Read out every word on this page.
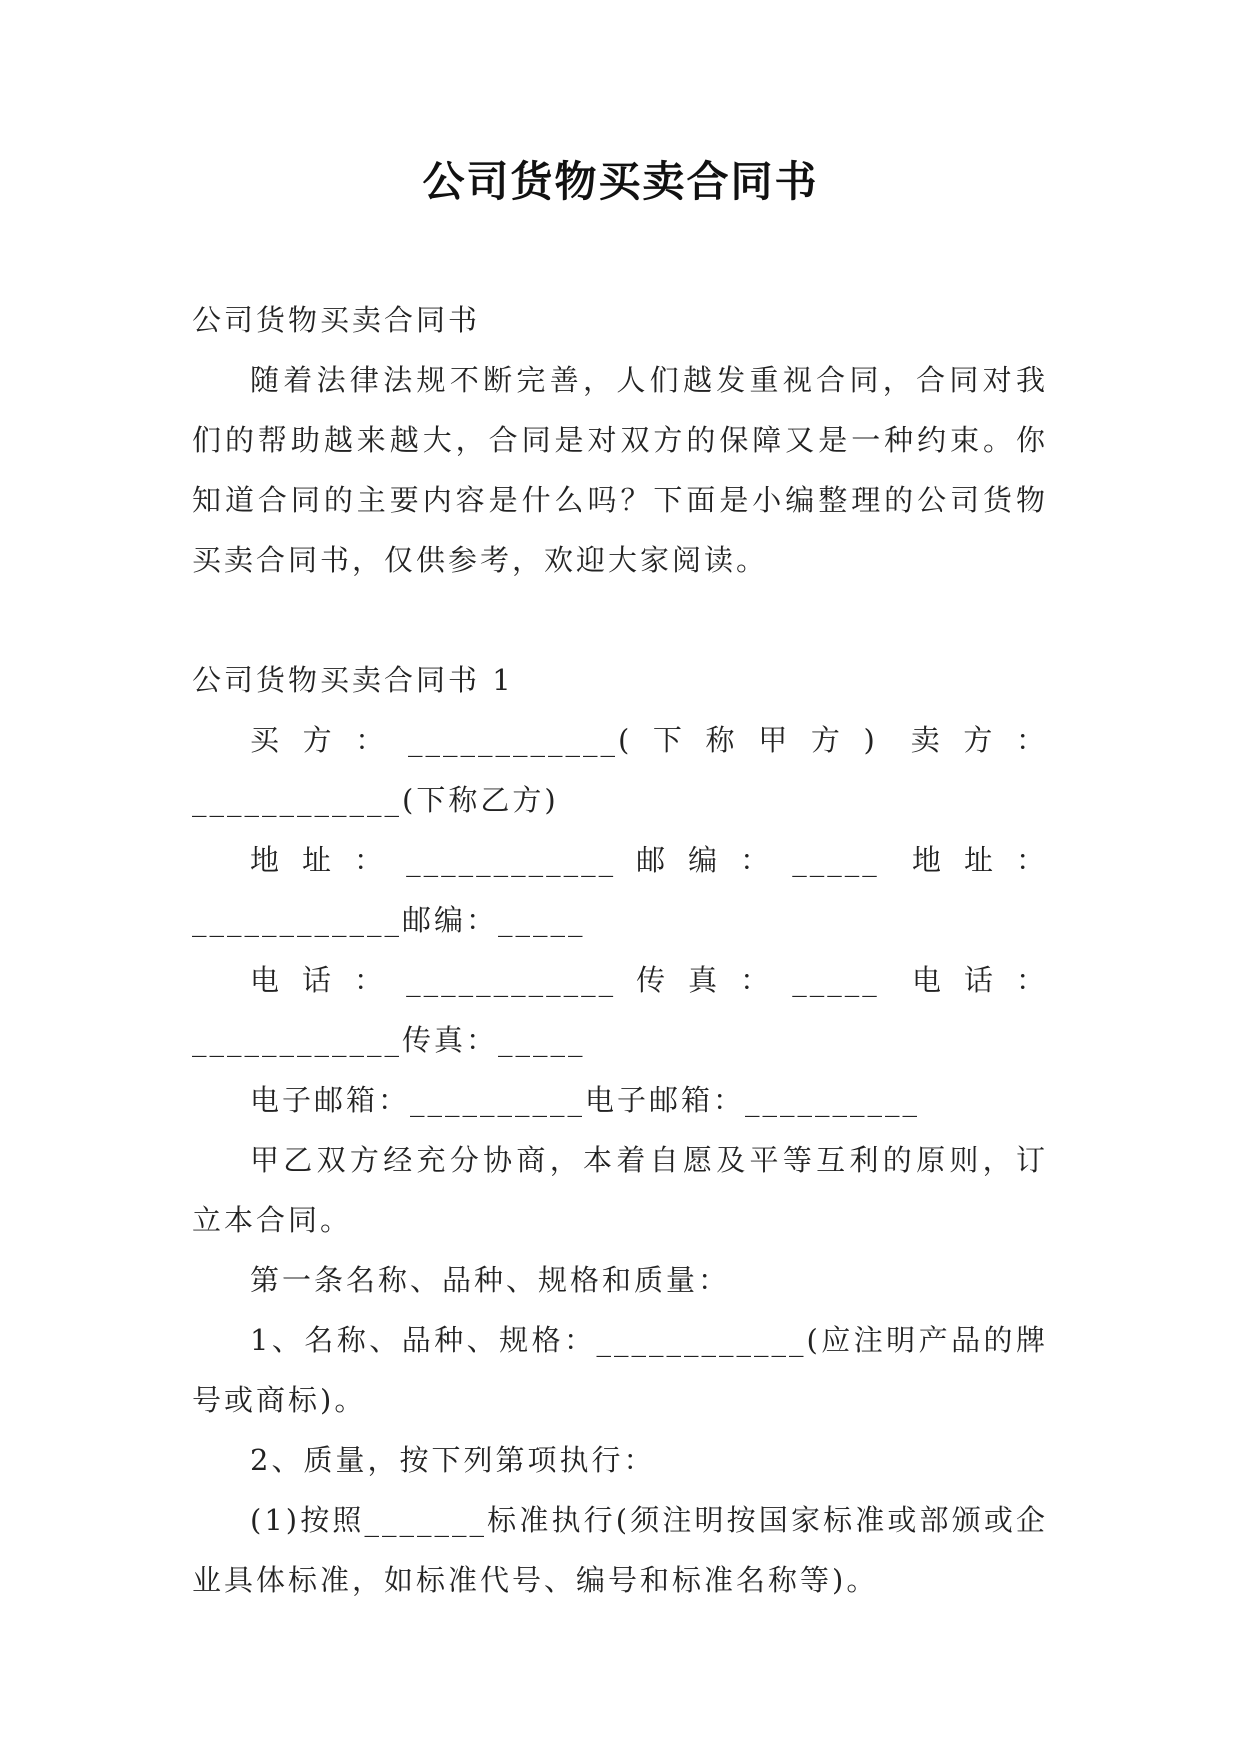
公司货物买卖合同书

公司货物买卖合同书

随着法律法规不断完善，人们越发重视合同，合同对我们的帮助越来越大，合同是对双方的保障又是一种约束。你知道合同的主要内容是什么吗？下面是小编整理的公司货物买卖合同书，仅供参考，欢迎大家阅读。

公司货物买卖合同书 1

买方：____________(下称甲方) 卖方：____________(下称乙方)

地址：____________邮编：_____ 地址：____________邮编：_____

电话：____________传真：_____ 电话：____________传真：_____

电子邮箱：__________电子邮箱：__________

甲乙双方经充分协商，本着自愿及平等互利的原则，订立本合同。

第一条名称、品种、规格和质量：

1、名称、品种、规格：____________(应注明产品的牌号或商标)。

2、质量，按下列第项执行：

(1)按照_______标准执行(须注明按国家标准或部颁或企业具体标准，如标准代号、编号和标准名称等)。
